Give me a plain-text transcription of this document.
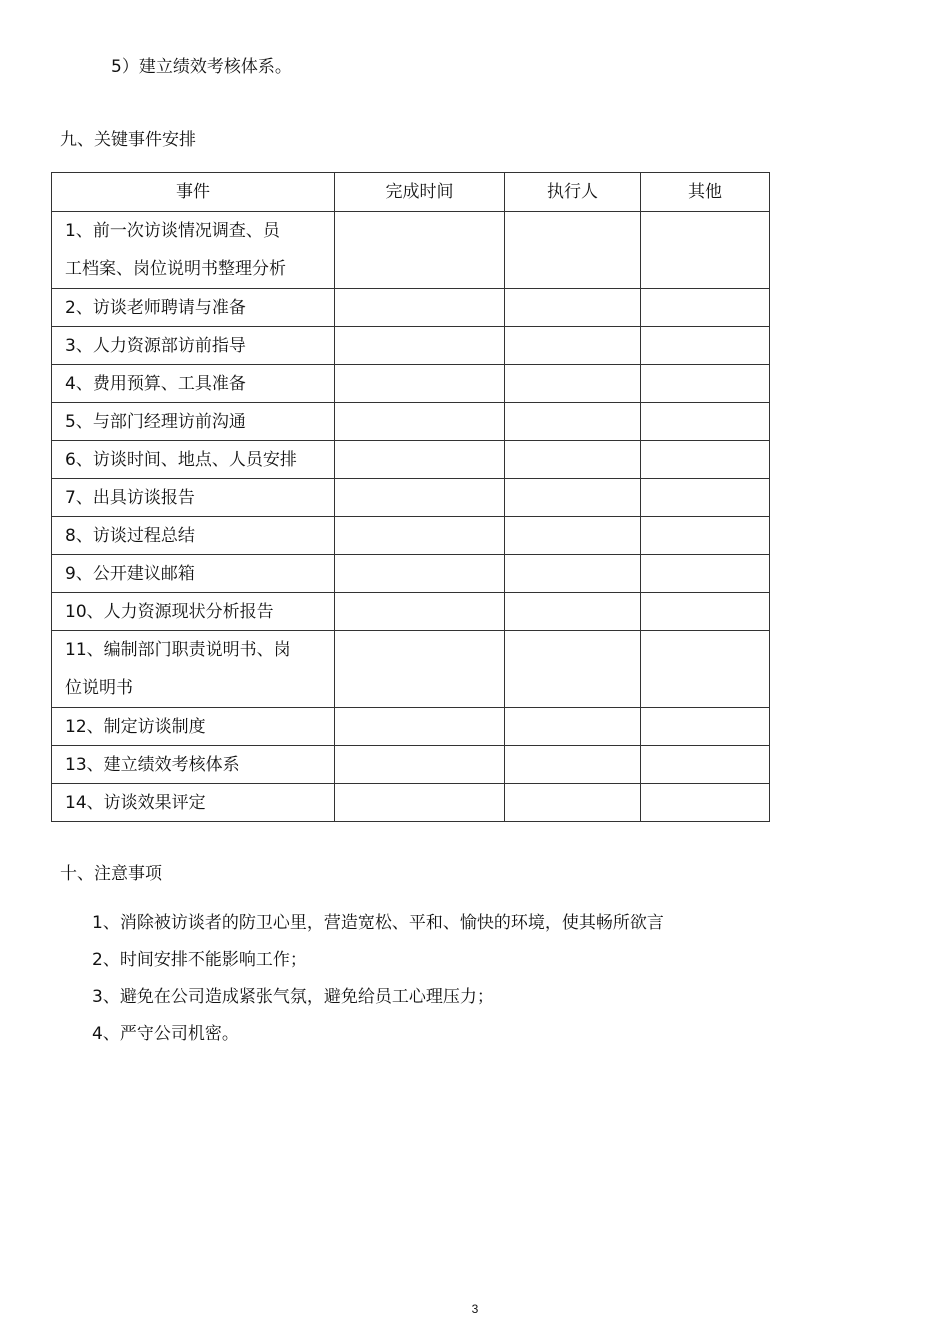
5）建立绩效考核体系。
九、关键事件安排
事件	完成时间	执行人	其他

1、前一次访谈情况调查、员
工档案、岗位说明书整理分析			

2、访谈老师聘请与准备			
3、人力资源部访前指导			
4、费用预算、工具准备			
5、与部门经理访前沟通			
6、访谈时间、地点、人员安排			
7、出具访谈报告			
8、访谈过程总结			
9、公开建议邮箱			
10、人力资源现状分析报告			

11、编制部门职责说明书、岗
位说明书			

12、制定访谈制度			
13、建立绩效考核体系			
14、访谈效果评定			
十、注意事项
1、消除被访谈者的防卫心里，营造宽松、平和、愉快的环境，使其畅所欲言
2、时间安排不能影响工作；
3、避免在公司造成紧张气氛，避免给员工心理压力；
4、严守公司机密。
3
